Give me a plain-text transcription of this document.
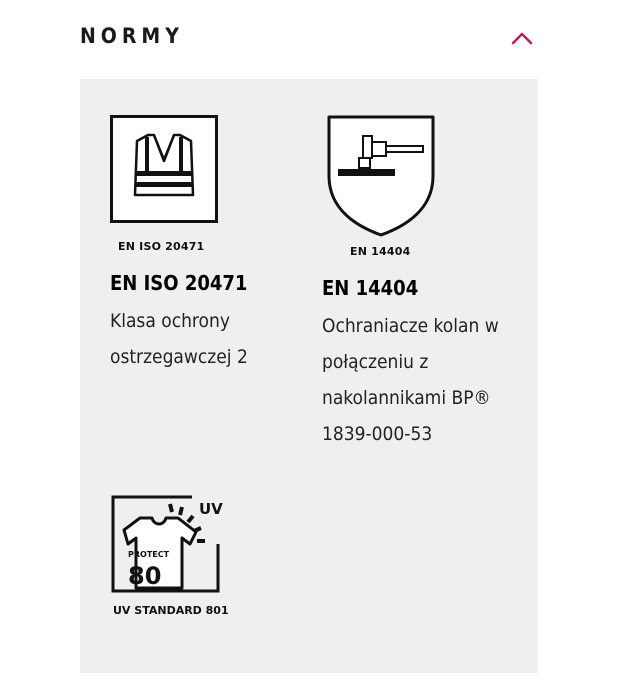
NORMY
EN ISO 20471
EN ISO 20471
Klasa ochrony ostrzegawczej 2
EN 14404
EN 14404
Ochraniacze kolan w
połączeniu z
nakolannikami BP®
1839-000-53
UV
PROTECT
80
UV STANDARD 801
